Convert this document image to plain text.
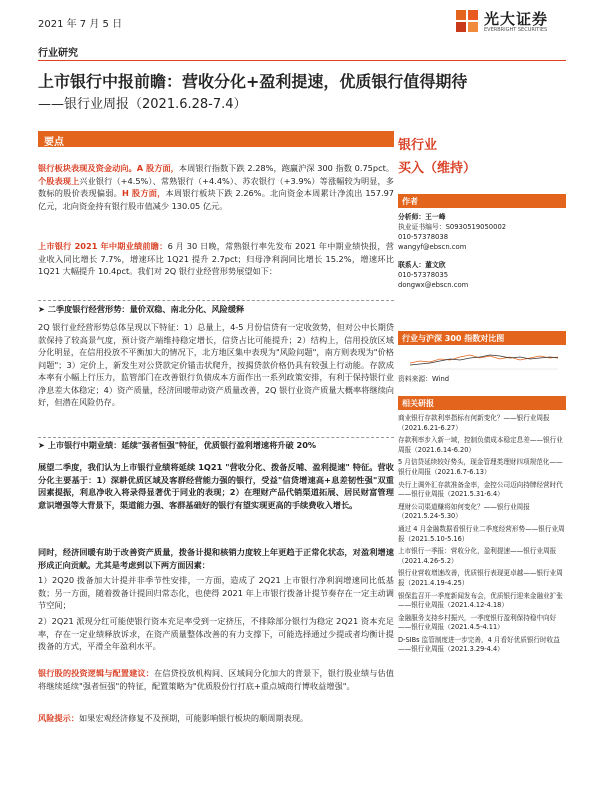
2021 年 7 月 5 日	光大证券
EVERBRIGHT SECURITIES
行业研究
上市银行中报前瞻：营收分化+盈利提速，优质银行值得期待
——银行业周报（2021.6.28-7.4）
要点

银行板块表现及资金动向。A 股方面，本周银行指数下跌 2.28%，跑赢沪深 300 指数 0.75pct。个股表现上兴业银行（+4.5%）、常熟银行（+4.4%）、苏农银行（+3.9%）等涨幅较为明显，多数标的股价表现偏弱。H 股方面，本周银行板块下跌 2.26%。北向资金本周累计净流出 157.97 亿元，北向资金持有银行股市值减少 130.05 亿元。

上市银行 2021 年中期业绩前瞻：6 月 30 日晚，常熟银行率先发布 2021 年中期业绩快报，营业收入同比增长 7.7%，增速环比 1Q21 提升 2.7pct；归母净利润同比增长 15.2%，增速环比 1Q21 大幅提升 10.4pct。我们对 2Q 银行业经营形势展望如下：

➤ 二季度银行经营形势：量价双稳、南北分化、风险缓释

2Q 银行业经营形势总体呈现以下特征：1）总量上，4-5 月份信贷有一定收敛势，但对公中长期贷款保持了较高景气度，预计资产端维持稳定增长，信贷占比可能提升；2）结构上，信用投放区域分化明显，在信用投放不平衡加大的情况下，北方地区集中表现为"风险问题"，南方则表现为"价格问题"；3）定价上，新发生对公贷款定价锚击状爬升，按揭贷款价格仍具有较强上行动能。存款成本率有小幅上行压力，监管部门在改善银行负债成本方面作出一系列政策安排，有利于保持银行业净息差大体稳定；4）资产质量，经济回暖带动资产质量改善，2Q 银行业资产质量大概率将继续向好，但潜在风险仍存。

➤ 上市银行中期业绩：延续"强者恒强"特征，优质银行盈利增速将升破 20%

展望二季度，我们认为上市银行业绩将延续 1Q21 "营收分化、拨备反哺、盈利提速" 特征。营收分化主要基于：1）深耕优质区域及客群经营能力强的银行，受益"信贷增速高+息差韧性强"双重因素提振，利息净收入将录得显著优于同业的表现；2）在理财产品代销渠道拓展、居民财富管理意识增强等大背景下，渠道能力强、客群基础好的银行有望实现更高的手续费收入增长。

同时，经济回暖有助于改善资产质量，拨备计提和核销力度较上年更趋于正常化状态，对盈利增速形成正向贡献。尤其是考虑到以下两方面因素：

1）2Q20 拨备加大计提并非季节性安排，一方面，造成了 2Q21 上市银行净利润增速同比低基数；另一方面，随着拨备计提回归常态化，也使得 2021 年上市银行拨备计提节奏存在一定主动调节空间；

2）2Q21 派现分红可能使银行资本充足率受到一定挤压，不排除部分银行为稳定 2Q21 资本充足率，存在一定业绩释放诉求，在资产质量整体改善的有力支撑下，可能选择通过少提或者均衡计提拨备的方式，平滑全年盈利水平。

银行股的投资逻辑与配置建议：在信贷投放机构间、区域间分化加大的背景下，银行股业绩与估值将继续延续"强者恒强"的特征，配置策略为"优质股份行打底+重点城商行博收益增强"。

风险提示：如果宏观经济修复不及预期，可能影响银行板块的顺周期表现。

银行业
买入（维持）
作者
分析师：王一峰
执业证书编号：S0930519050002
010-57378038
wangyf@ebscn.com
联系人：董文欣
010-57378035
dongwx@ebscn.com
行业与沪深 300 指数对比图
资料来源：Wind
相关研报
商业银行存款利率指标有何新变化？——银行业周报（2021.6.21-6.27）
存款利率步入新一域，控制负债成本稳定息差——银行业周报（2021.6.14-6.20）
5 月信贷延续较好势头，现金管理类理财四项规范化——银行业周报（2021.6.7-6.13）
央行上调外汇存款准备金率，金控公司迈向持牌经营时代——银行业周报（2021.5.31-6.4）
理财公司渠道赚将如何变化？——银行业周报（2021.5.24-5.30）
通过 4 月金融数据看银行业二季度经营形势——银行业周报（2021.5.10-5.16）
上市银行一季报：营收分化，盈利提速——银行业周报（2021.4.26-5.2）
银行业营收增速改善，优质银行表现更卓越——银行业周报（2021.4.19-4.25）
银保监召开一季度新闻发布会，优质银行迎来金融业扩张——银行业周报（2021.4.12-4.18）
金融服务支持乡村振兴，一季度银行盈利保持稳中向好——银行业周报（2021.4.5-4.11）
D-SIBs 监管制度进一步完善，4 月看好优质银行时收益——银行业周报（2021.3.29-4.4）
